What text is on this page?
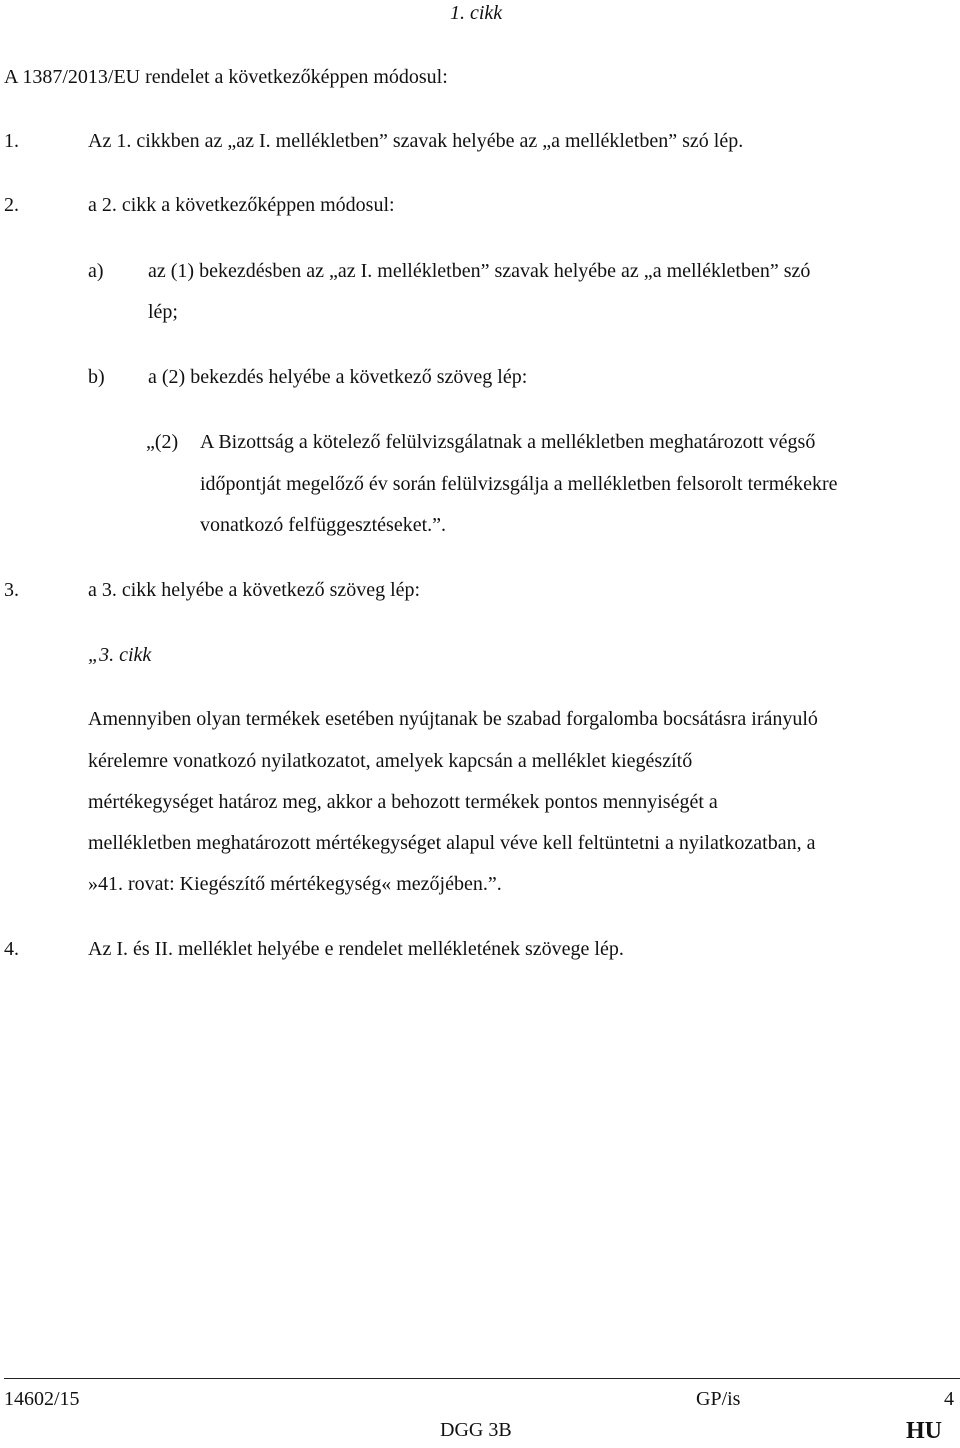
1. cikk
A 1387/2013/EU rendelet a következőképpen módosul:
1.	Az 1. cikkben az „az I. mellékletben” szavak helyébe az „a mellékletben” szó lép.
2.	a 2. cikk a következőképpen módosul:
a) az (1) bekezdésben az „az I. mellékletben” szavak helyébe az „a mellékletben” szó
lép;
b) a (2) bekezdés helyébe a következő szöveg lép:
„(2) A Bizottság a kötelező felülvizsgálatnak a mellékletben meghatározott végső
időpontját megelőző év során felülvizsgálja a mellékletben felsorolt termékekre
vonatkozó felfüggesztéseket.”.
3.	a 3. cikk helyébe a következő szöveg lép:
„3. cikk
Amennyiben olyan termékek esetében nyújtanak be szabad forgalomba bocsátásra irányuló
kérelemre vonatkozó nyilatkozatot, amelyek kapcsán a melléklet kiegészítő
mértékegységet határoz meg, akkor a behozott termékek pontos mennyiségét a
mellékletben meghatározott mértékegységet alapul véve kell feltüntetni a nyilatkozatban, a
»41. rovat: Kiegészítő mértékegység« mezőjében.”.
4.	Az I. és II. melléklet helyébe e rendelet mellékletének szövege lép.
14602/15	GP/is	4
DGG 3B	HU
